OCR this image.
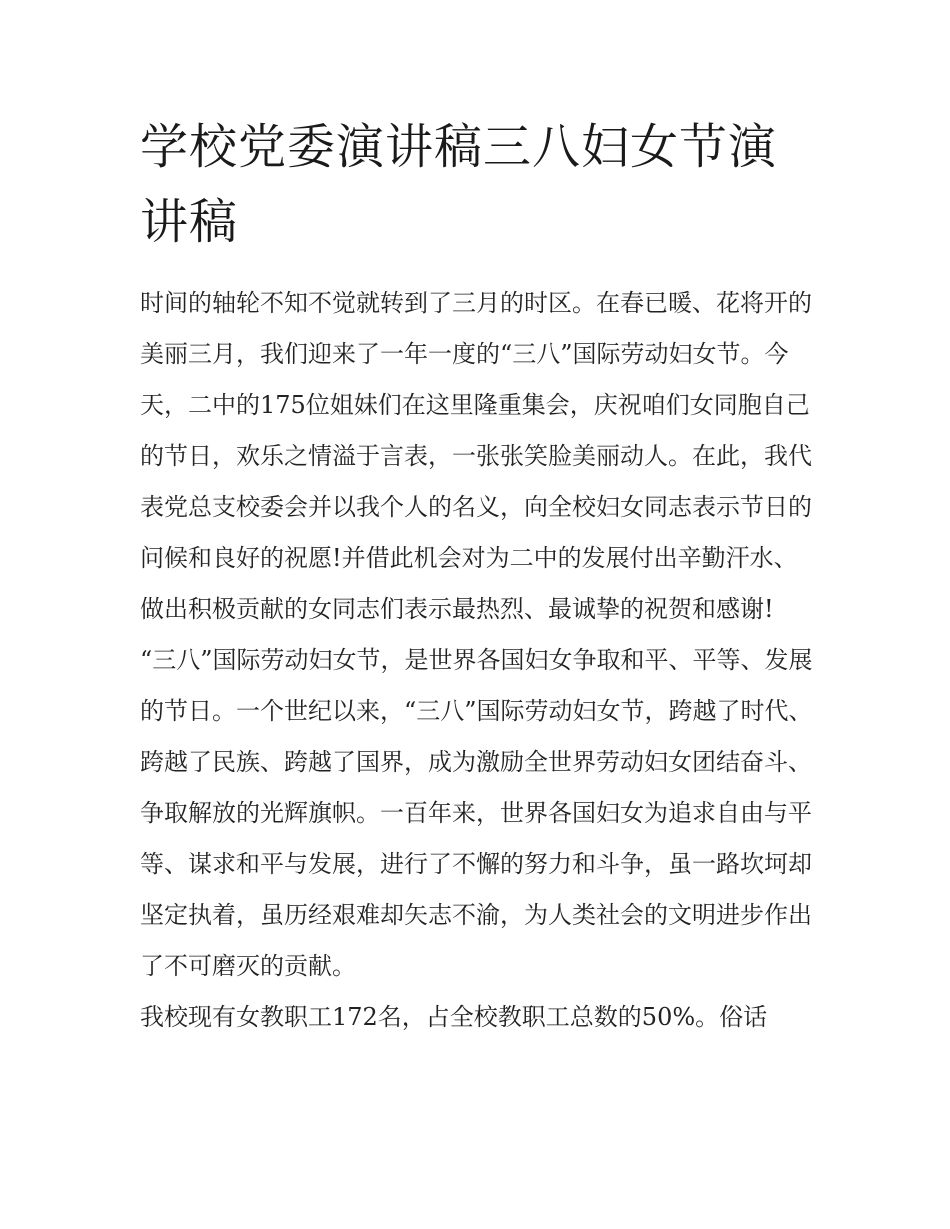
学校党委演讲稿三八妇女节演讲稿

时间的轴轮不知不觉就转到了三月的时区。在春已暖、花将开的美丽三月，我们迎来了一年一度的“三八”国际劳动妇女节。今天，二中的175位姐妹们在这里隆重集会，庆祝咱们女同胞自己的节日，欢乐之情溢于言表，一张张笑脸美丽动人。在此，我代表党总支校委会并以我个人的名义，向全校妇女同志表示节日的问候和良好的祝愿!并借此机会对为二中的发展付出辛勤汗水、做出积极贡献的女同志们表示最热烈、最诚挚的祝贺和感谢!

“三八”国际劳动妇女节，是世界各国妇女争取和平、平等、发展的节日。一个世纪以来，“三八”国际劳动妇女节，跨越了时代、跨越了民族、跨越了国界，成为激励全世界劳动妇女团结奋斗、争取解放的光辉旗帜。一百年来，世界各国妇女为追求自由与平等、谋求和平与发展，进行了不懈的努力和斗争，虽一路坎坷却坚定执着，虽历经艰难却矢志不渝，为人类社会的文明进步作出了不可磨灭的贡献。

我校现有女教职工172名，占全校教职工总数的50%。俗话
